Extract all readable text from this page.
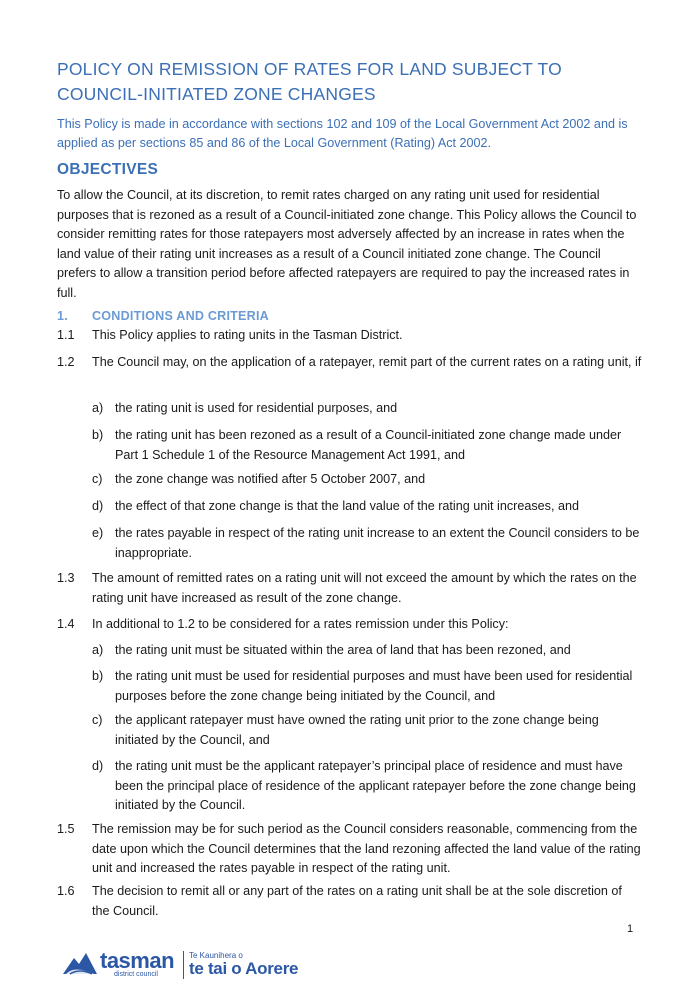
POLICY ON REMISSION OF RATES FOR LAND SUBJECT TO COUNCIL-INITIATED ZONE CHANGES
This Policy is made in accordance with sections 102 and 109 of the Local Government Act 2002 and is applied as per sections 85 and 86 of the Local Government (Rating) Act 2002.
OBJECTIVES
To allow the Council, at its discretion, to remit rates charged on any rating unit used for residential purposes that is rezoned as a result of a Council-initiated zone change. This Policy allows the Council to consider remitting rates for those ratepayers most adversely affected by an increase in rates when the land value of their rating unit increases as a result of a Council initiated zone change. The Council prefers to allow a transition period before affected ratepayers are required to pay the increased rates in full.
1. CONDITIONS AND CRITERIA
1.1	This Policy applies to rating units in the Tasman District.
1.2	The Council may, on the application of a ratepayer, remit part of the current rates on a rating unit, if
a) the rating unit is used for residential purposes, and
b) the rating unit has been rezoned as a result of a Council-initiated zone change made under Part 1 Schedule 1 of the Resource Management Act 1991, and
c) the zone change was notified after 5 October 2007, and
d) the effect of that zone change is that the land value of the rating unit increases, and
e) the rates payable in respect of the rating unit increase to an extent the Council considers to be inappropriate.
1.3	The amount of remitted rates on a rating unit will not exceed the amount by which the rates on the rating unit have increased as result of the zone change.
1.4	In additional to 1.2 to be considered for a rates remission under this Policy:
a) the rating unit must be situated within the area of land that has been rezoned, and
b) the rating unit must be used for residential purposes and must have been used for residential purposes before the zone change being initiated by the Council, and
c) the applicant ratepayer must have owned the rating unit prior to the zone change being initiated by the Council, and
d) the rating unit must be the applicant ratepayer’s principal place of residence and must have been the principal place of residence of the applicant ratepayer before the zone change being initiated by the Council.
1.5	The remission may be for such period as the Council considers reasonable, commencing from the date upon which the Council determines that the land rezoning affected the land value of the rating unit and increased the rates payable in respect of the rating unit.
1.6	The decision to remit all or any part of the rates on a rating unit shall be at the sole discretion of the Council.
1
tasman
district council
Te Kaunihera o
te tai o Aorere
